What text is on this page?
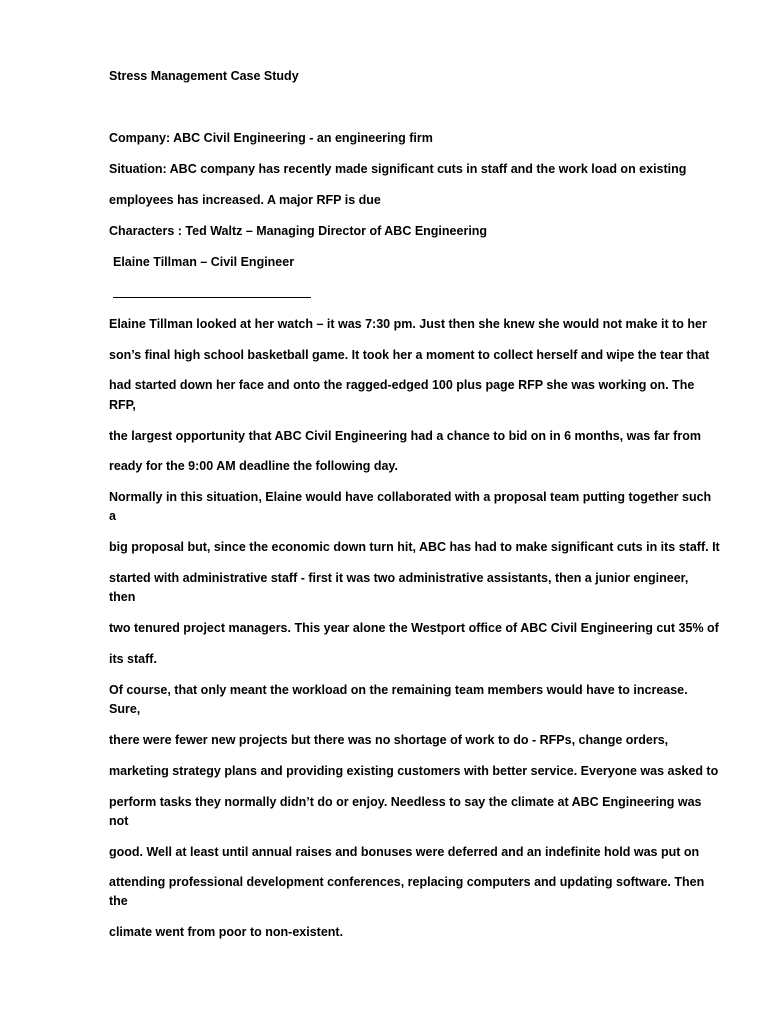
Stress Management Case Study
Company: ABC Civil Engineering - an engineering firm
Situation: ABC company has recently made significant cuts in staff and the work load on existing
employees has increased. A major RFP is due
Characters : Ted Waltz – Managing Director of ABC Engineering
Elaine Tillman – Civil Engineer
Elaine Tillman looked at her watch – it was 7:30 pm. Just then she knew she would not make it to her
son’s final high school basketball game. It took her a moment to collect herself and wipe the tear that
had started down her face and onto the ragged-edged 100 plus page RFP she was working on. The
RFP,
the largest opportunity that ABC Civil Engineering had a chance to bid on in 6 months, was far from
ready for the 9:00 AM deadline the following day.
Normally in this situation, Elaine would have collaborated with a proposal team putting together such
a
big proposal but, since the economic down turn hit, ABC has had to make significant cuts in its staff. It
started with administrative staff - first it was two administrative assistants, then a junior engineer,
then
two tenured project managers. This year alone the Westport office of ABC Civil Engineering cut 35% of
its staff.
Of course, that only meant the workload on the remaining team members would have to increase.
Sure,
there were fewer new projects but there was no shortage of work to do - RFPs, change orders,
marketing strategy plans and providing existing customers with better service. Everyone was asked to
perform tasks they normally didn’t do or enjoy. Needless to say the climate at ABC Engineering was
not
good. Well at least until annual raises and bonuses were deferred and an indefinite hold was put on
attending professional development conferences, replacing computers and updating software. Then
the
climate went from poor to non-existent.
